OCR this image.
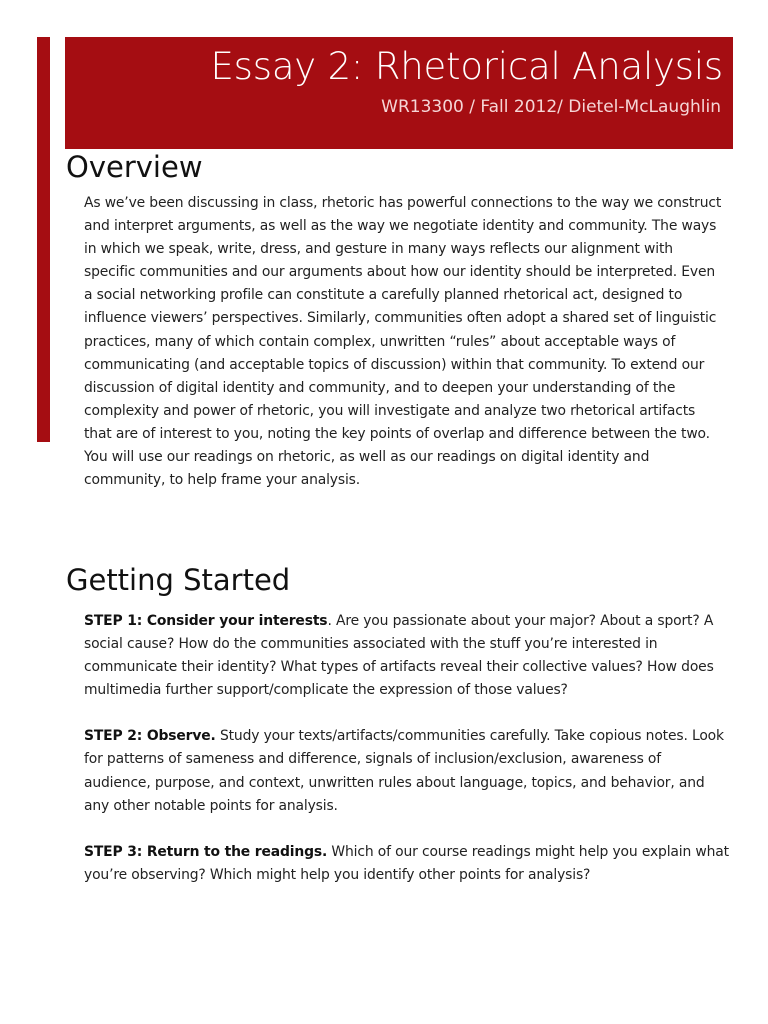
Essay 2: Rhetorical Analysis

WR13300 / Fall 2012/ Dietel-McLaughlin

Overview

As we’ve been discussing in class, rhetoric has powerful connections to the way we construct and interpret arguments, as well as the way we negotiate identity and community. The ways in which we speak, write, dress, and gesture in many ways reflects our alignment with specific communities and our arguments about how our identity should be interpreted. Even a social networking profile can constitute a carefully planned rhetorical act, designed to influence viewers’ perspectives. Similarly, communities often adopt a shared set of linguistic practices, many of which contain complex, unwritten “rules” about acceptable ways of communicating (and acceptable topics of discussion) within that community. To extend our discussion of digital identity and community, and to deepen your understanding of the complexity and power of rhetoric, you will investigate and analyze two rhetorical artifacts that are of interest to you, noting the key points of overlap and difference between the two. You will use our readings on rhetoric, as well as our readings on digital identity and community, to help frame your analysis.

Getting Started

STEP 1: Consider your interests. Are you passionate about your major? About a sport? A social cause? How do the communities associated with the stuff you’re interested in communicate their identity? What types of artifacts reveal their collective values? How does multimedia further support/complicate the expression of those values?

STEP 2: Observe. Study your texts/artifacts/communities carefully. Take copious notes. Look for patterns of sameness and difference, signals of inclusion/exclusion, awareness of audience, purpose, and context, unwritten rules about language, topics, and behavior, and any other notable points for analysis.

STEP 3: Return to the readings. Which of our course readings might help you explain what you’re observing? Which might help you identify other points for analysis?
